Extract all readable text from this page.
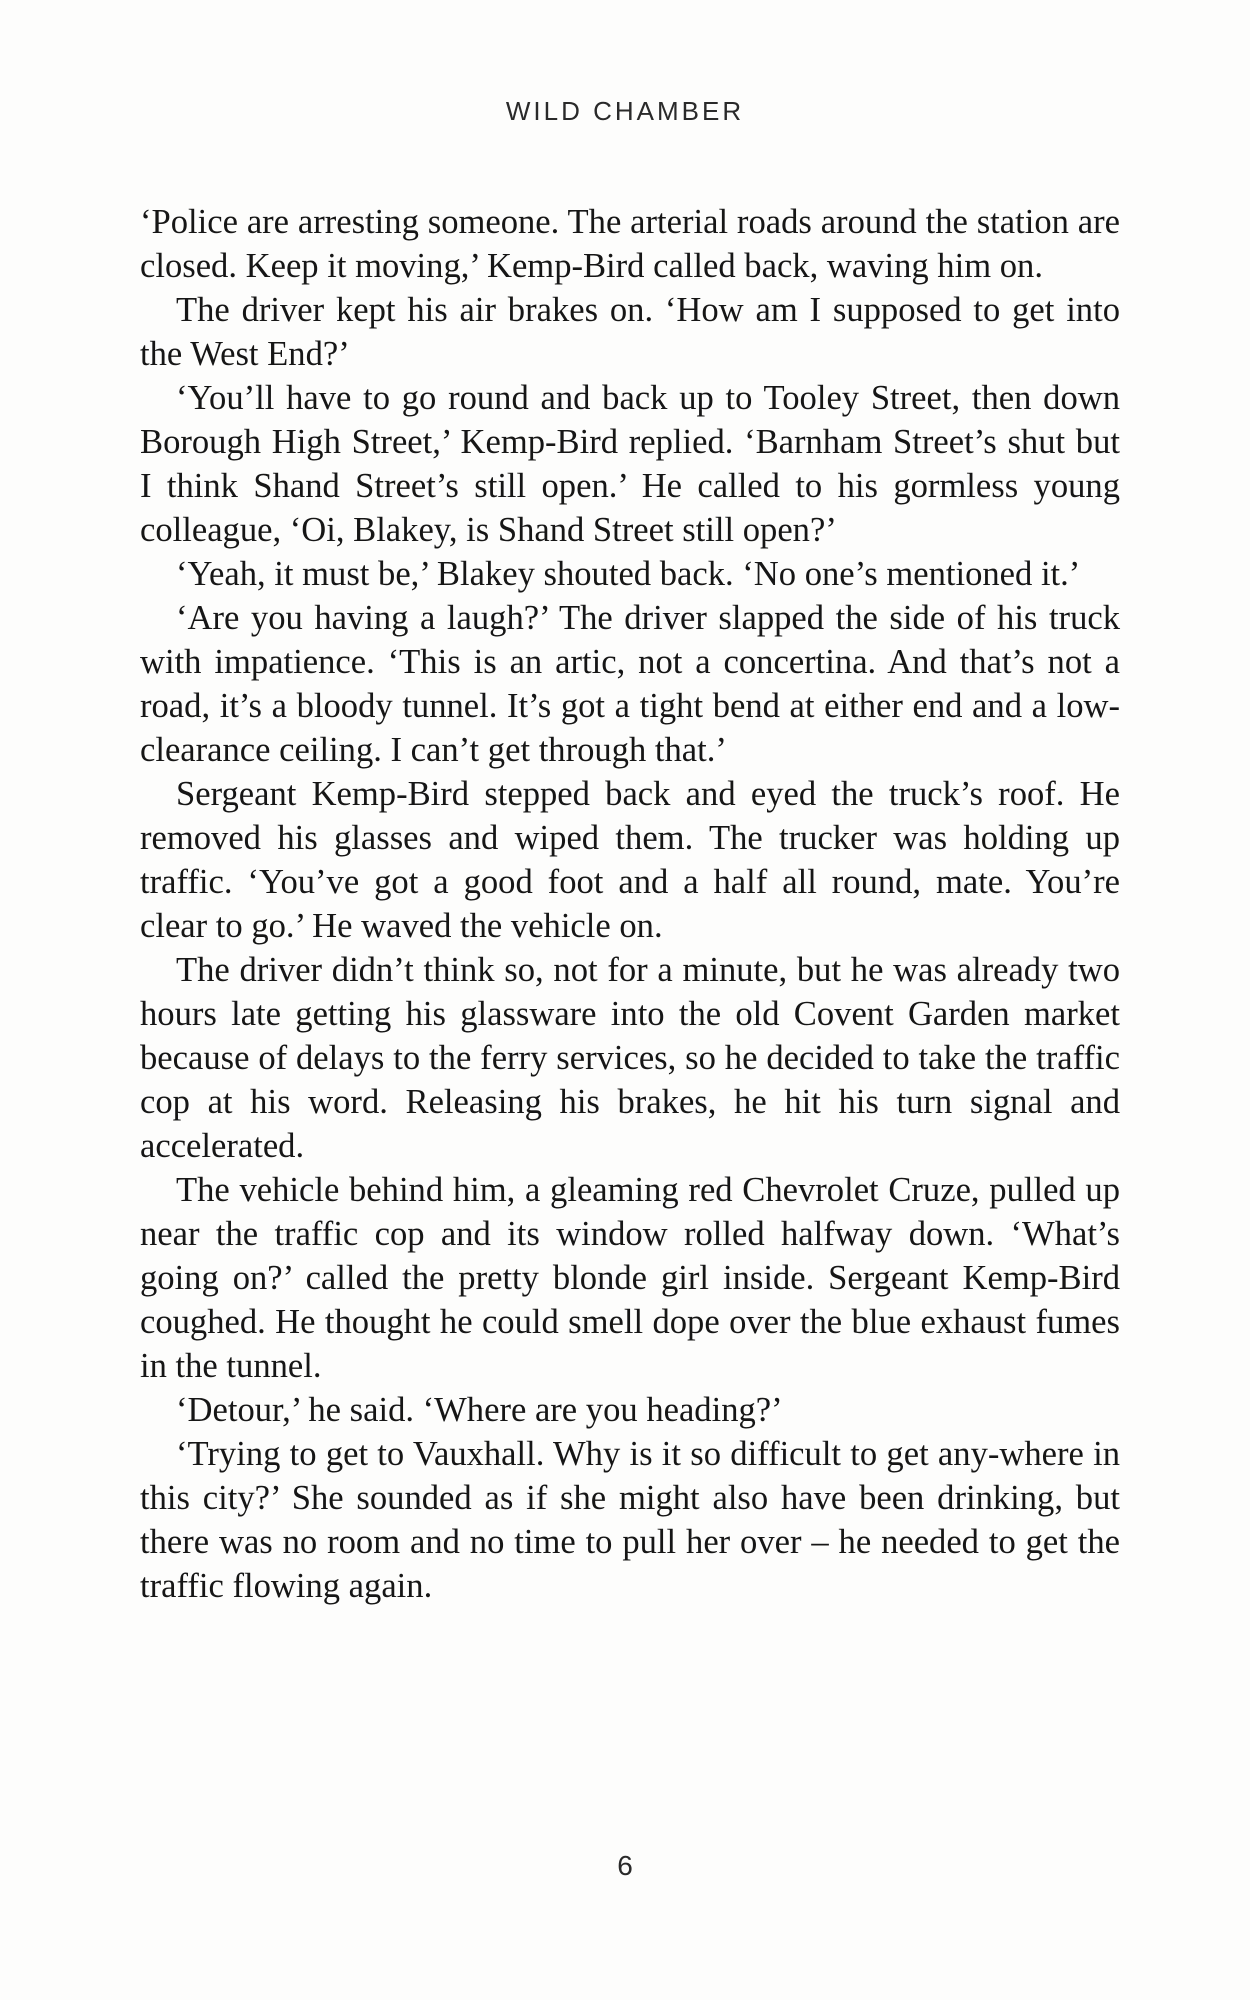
WILD CHAMBER

‘Police are arresting someone. The arterial roads around the station are closed. Keep it moving,’ Kemp-Bird called back, waving him on.

The driver kept his air brakes on. ‘How am I supposed to get into the West End?’

‘You’ll have to go round and back up to Tooley Street, then down Borough High Street,’ Kemp-Bird replied. ‘Barnham Street’s shut but I think Shand Street’s still open.’ He called to his gormless young colleague, ‘Oi, Blakey, is Shand Street still open?’

‘Yeah, it must be,’ Blakey shouted back. ‘No one’s mentioned it.’

‘Are you having a laugh?’ The driver slapped the side of his truck with impatience. ‘This is an artic, not a concertina. And that’s not a road, it’s a bloody tunnel. It’s got a tight bend at either end and a low-clearance ceiling. I can’t get through that.’

Sergeant Kemp-Bird stepped back and eyed the truck’s roof. He removed his glasses and wiped them. The trucker was holding up traffic. ‘You’ve got a good foot and a half all round, mate. You’re clear to go.’ He waved the vehicle on.

The driver didn’t think so, not for a minute, but he was already two hours late getting his glassware into the old Covent Garden market because of delays to the ferry services, so he decided to take the traffic cop at his word. Releasing his brakes, he hit his turn signal and accelerated.

The vehicle behind him, a gleaming red Chevrolet Cruze, pulled up near the traffic cop and its window rolled halfway down. ‘What’s going on?’ called the pretty blonde girl inside. Sergeant Kemp-Bird coughed. He thought he could smell dope over the blue exhaust fumes in the tunnel.

‘Detour,’ he said. ‘Where are you heading?’

‘Trying to get to Vauxhall. Why is it so difficult to get any-where in this city?’ She sounded as if she might also have been drinking, but there was no room and no time to pull her over – he needed to get the traffic flowing again.

6
